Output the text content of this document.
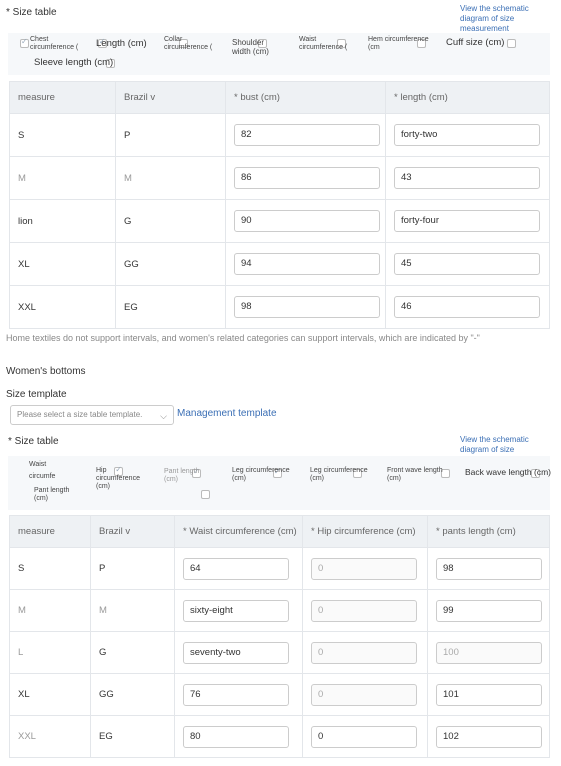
* Size table	View the schematic diagram of size measurement
✓
Chest circumference ( ✓	Length (cm)
	Collar circumference (

Shoulder width (cm)

Waist circumference (

Hem circumference (cm
	Cuff size (cm)

Sleeve length (cm)
measure	Brazil v	* bust (cm)	* length (cm)
S	P	82	forty-two

M	M	86	43

lion	G	90	forty-four

XL	GG	94	45

XXL	EG	98	46
Home textiles do not support intervals, and women's related categories can support intervals, which are indicated by "-"
Women's bottoms
Size template
Please select a size table template. ⌵ Management template
* Size table	View the schematic diagram of size
✓
Waist circumfe
✓
Hip circumference (cm)
✓
Pant length (cm)

Leg circumference (cm)

Leg circumference (cm)

Front wave length (cm)

Back wave length (cm)
Pant length (cm)
measure	Brazil v	* Waist circumference (cm)	* Hip circumference (cm)	* pants length (cm)
S	P	64	0	98

M	M	sixty-eight	0	99

L	G	seventy-two	0	100

XL	GG	76	0	101

XXL	EG	80	0	102
